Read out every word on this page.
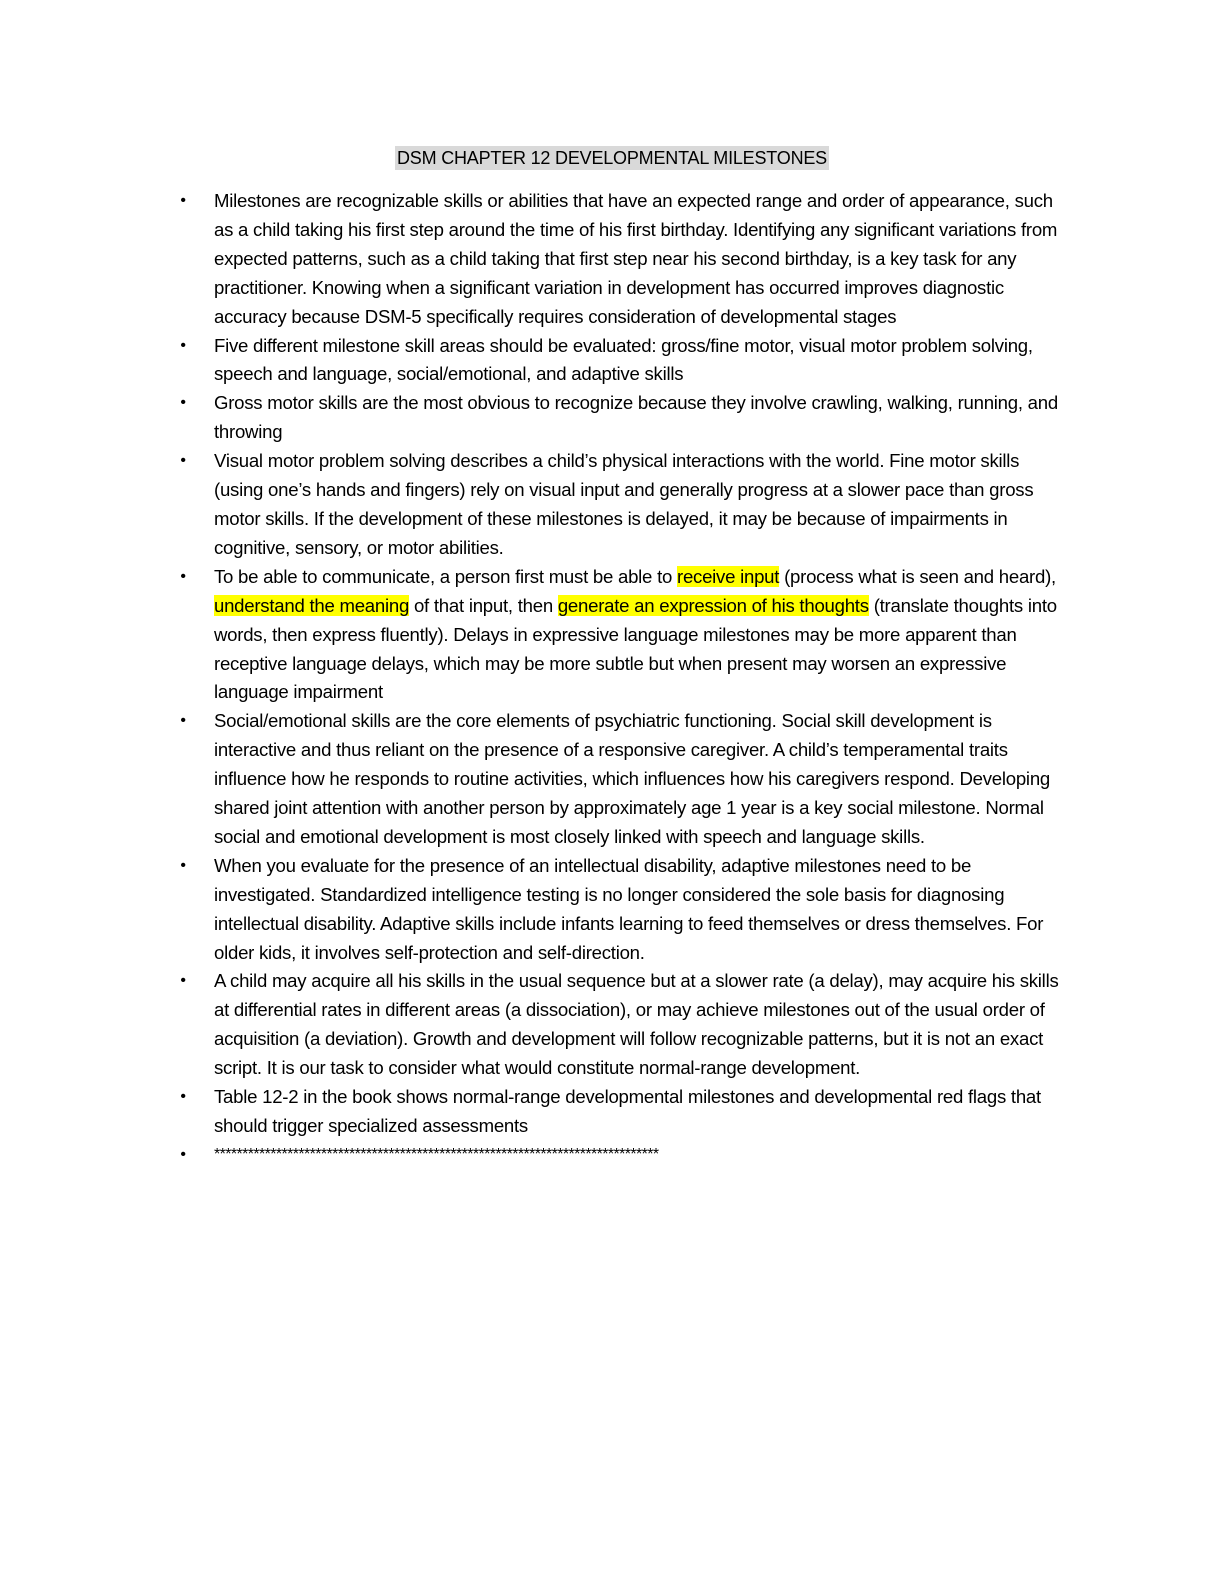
DSM CHAPTER 12 DEVELOPMENTAL MILESTONES
• Milestones are recognizable skills or abilities that have an expected range and order of appearance, such as a child taking his first step around the time of his first birthday. Identifying any significant variations from expected patterns, such as a child taking that first step near his second birthday, is a key task for any practitioner. Knowing when a significant variation in development has occurred improves diagnostic accuracy because DSM-5 specifically requires consideration of developmental stages
• Five different milestone skill areas should be evaluated: gross/fine motor, visual motor problem solving, speech and language, social/emotional, and adaptive skills
• Gross motor skills are the most obvious to recognize because they involve crawling, walking, running, and throwing
• Visual motor problem solving describes a child’s physical interactions with the world. Fine motor skills (using one’s hands and fingers) rely on visual input and generally progress at a slower pace than gross motor skills. If the development of these milestones is delayed, it may be because of impairments in cognitive, sensory, or motor abilities.
• To be able to communicate, a person first must be able to receive input (process what is seen and heard), understand the meaning of that input, then generate an expression of his thoughts (translate thoughts into words, then express fluently). Delays in expressive language milestones may be more apparent than receptive language delays, which may be more subtle but when present may worsen an expressive language impairment
• Social/emotional skills are the core elements of psychiatric functioning. Social skill development is interactive and thus reliant on the presence of a responsive caregiver. A child’s temperamental traits influence how he responds to routine activities, which influences how his caregivers respond. Developing shared joint attention with another person by approximately age 1 year is a key social milestone. Normal social and emotional development is most closely linked with speech and language skills.
• When you evaluate for the presence of an intellectual disability, adaptive milestones need to be investigated. Standardized intelligence testing is no longer considered the sole basis for diagnosing intellectual disability. Adaptive skills include infants learning to feed themselves or dress themselves. For older kids, it involves self-protection and self-direction.
• A child may acquire all his skills in the usual sequence but at a slower rate (a delay), may acquire his skills at differential rates in different areas (a dissociation), or may achieve milestones out of the usual order of acquisition (a deviation). Growth and development will follow recognizable patterns, but it is not an exact script. It is our task to consider what would constitute normal-range development.
• Table 12-2 in the book shows normal-range developmental milestones and developmental red flags that should trigger specialized assessments
• *******************************************************************************
